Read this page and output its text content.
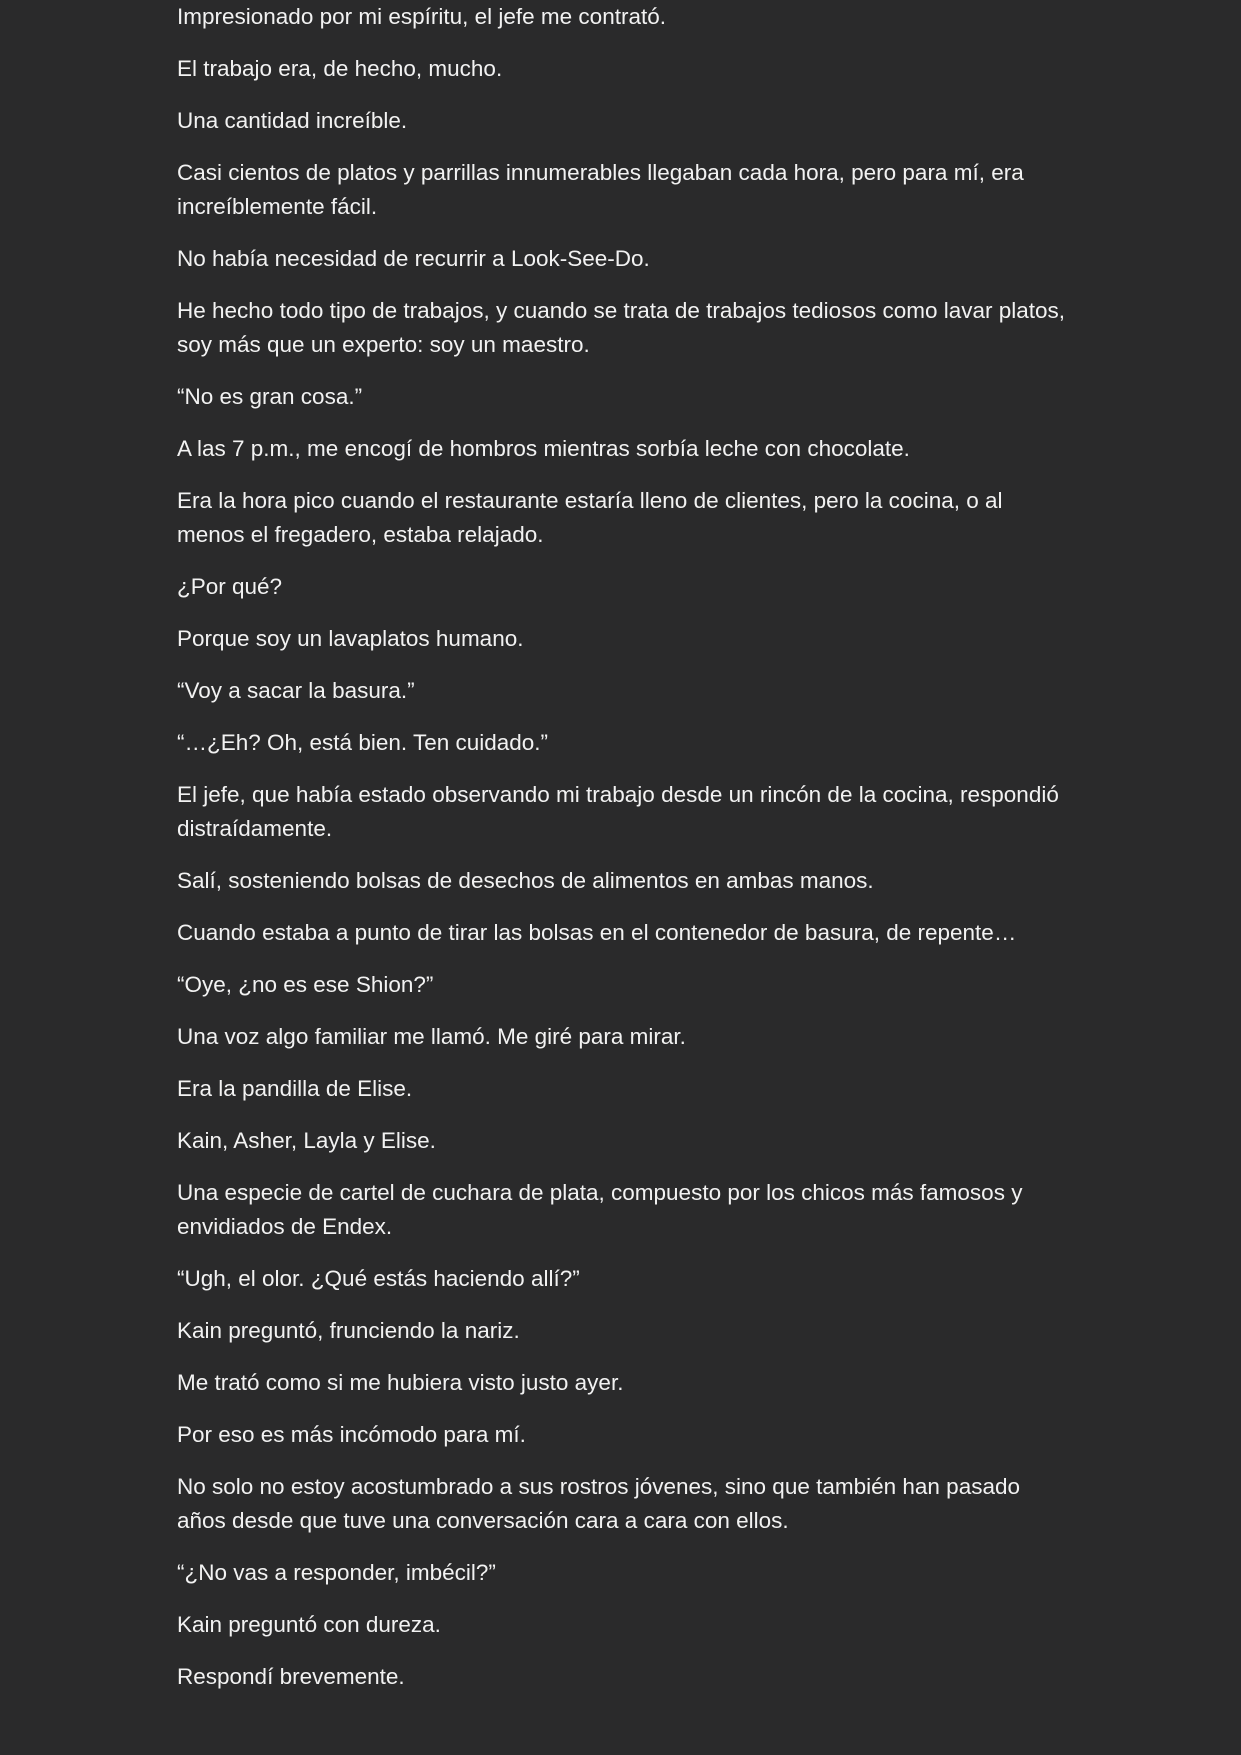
Impresionado por mi espíritu, el jefe me contrató.

El trabajo era, de hecho, mucho.

Una cantidad increíble.

Casi cientos de platos y parrillas innumerables llegaban cada hora, pero para mí, era increíblemente fácil.

No había necesidad de recurrir a Look-See-Do.

He hecho todo tipo de trabajos, y cuando se trata de trabajos tediosos como lavar platos, soy más que un experto: soy un maestro.

“No es gran cosa.”

A las 7 p.m., me encogí de hombros mientras sorbía leche con chocolate.

Era la hora pico cuando el restaurante estaría lleno de clientes, pero la cocina, o al menos el fregadero, estaba relajado.

¿Por qué?

Porque soy un lavaplatos humano.

“Voy a sacar la basura.”

“…¿Eh? Oh, está bien. Ten cuidado.”

El jefe, que había estado observando mi trabajo desde un rincón de la cocina, respondió distraídamente.

Salí, sosteniendo bolsas de desechos de alimentos en ambas manos.

Cuando estaba a punto de tirar las bolsas en el contenedor de basura, de repente…

“Oye, ¿no es ese Shion?”

Una voz algo familiar me llamó. Me giré para mirar.

Era la pandilla de Elise.

Kain, Asher, Layla y Elise.

Una especie de cartel de cuchara de plata, compuesto por los chicos más famosos y envidiados de Endex.

“Ugh, el olor. ¿Qué estás haciendo allí?”

Kain preguntó, frunciendo la nariz.

Me trató como si me hubiera visto justo ayer.

Por eso es más incómodo para mí.

No solo no estoy acostumbrado a sus rostros jóvenes, sino que también han pasado años desde que tuve una conversación cara a cara con ellos.

“¿No vas a responder, imbécil?”

Kain preguntó con dureza.

Respondí brevemente.
